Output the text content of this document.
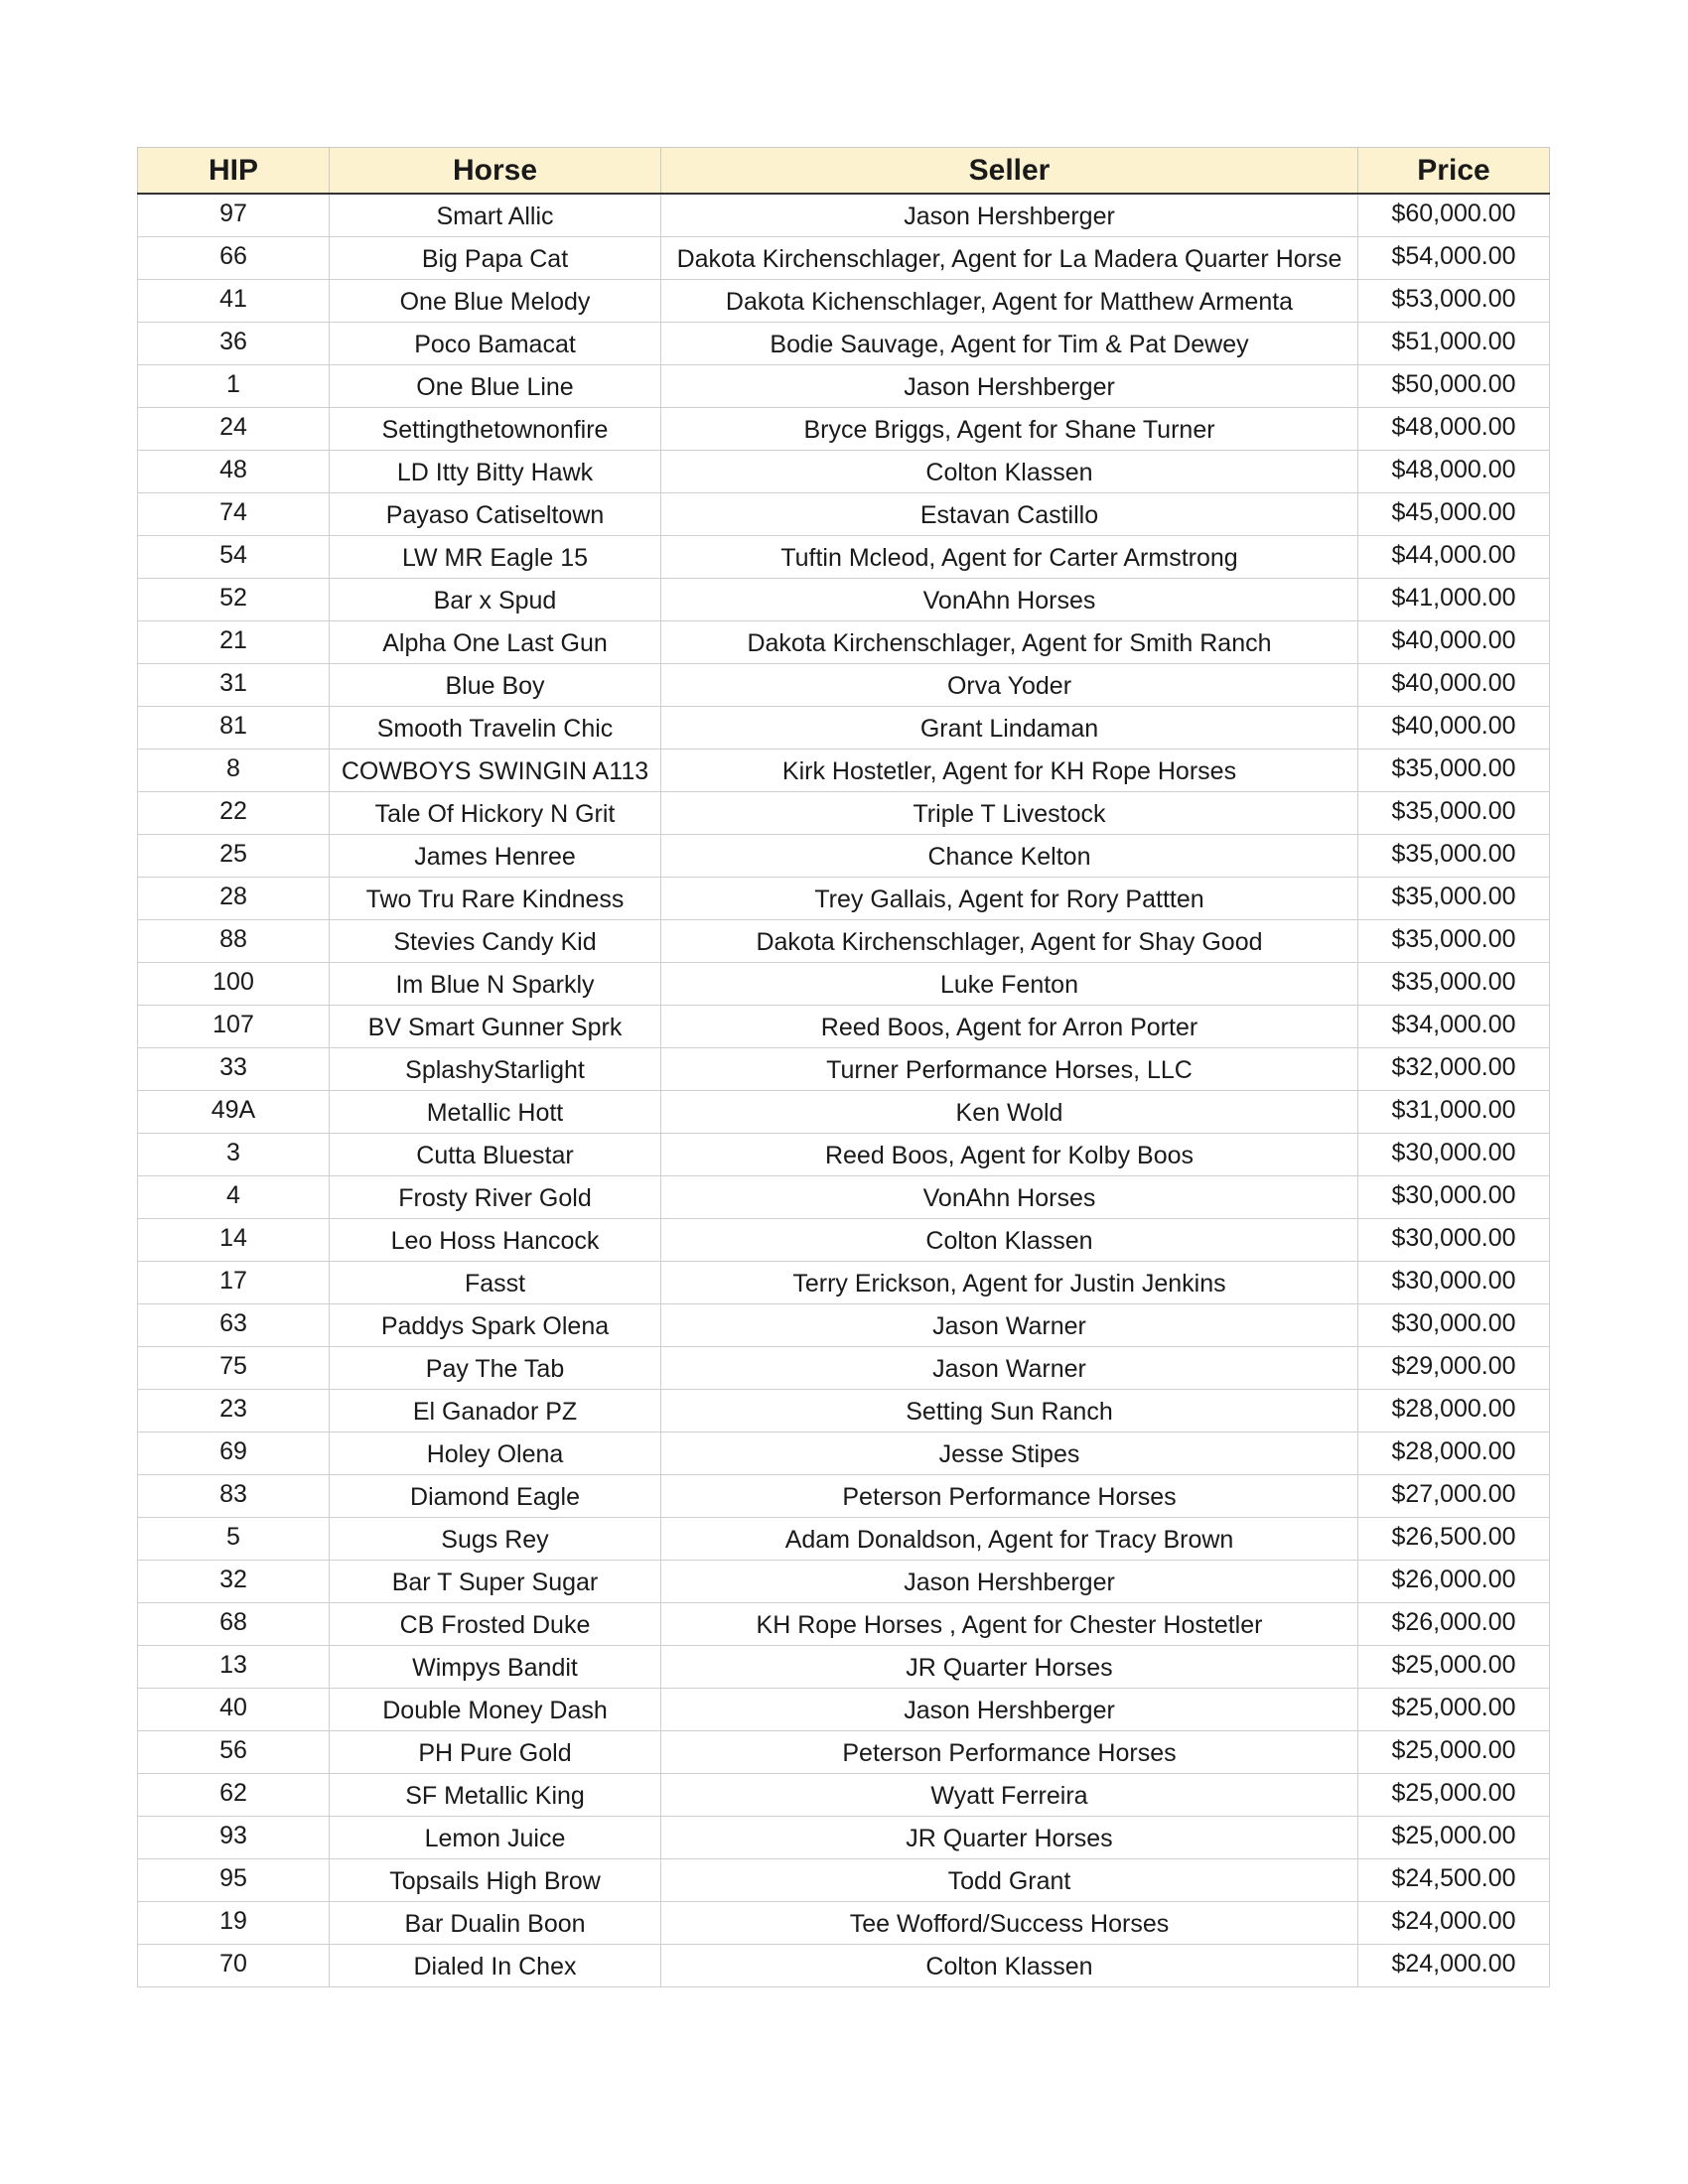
HIP	Horse	Seller	Price
97	Smart Allic	Jason Hershberger	$60,000.00
66	Big Papa Cat	Dakota Kirchenschlager, Agent for La Madera Quarter Horse	$54,000.00
41	One Blue Melody	Dakota Kichenschlager, Agent for Matthew Armenta	$53,000.00
36	Poco Bamacat	Bodie Sauvage, Agent for Tim & Pat Dewey	$51,000.00
1	One Blue Line	Jason Hershberger	$50,000.00
24	Settingthetownonfire	Bryce Briggs, Agent for Shane Turner	$48,000.00
48	LD Itty Bitty Hawk	Colton Klassen	$48,000.00
74	Payaso Catiseltown	Estavan Castillo	$45,000.00
54	LW MR Eagle 15	Tuftin Mcleod, Agent for Carter Armstrong	$44,000.00
52	Bar x Spud	VonAhn Horses	$41,000.00
21	Alpha One Last Gun	Dakota Kirchenschlager, Agent for Smith Ranch	$40,000.00
31	Blue Boy	Orva Yoder	$40,000.00
81	Smooth Travelin Chic	Grant Lindaman	$40,000.00
8	COWBOYS SWINGIN A113	Kirk Hostetler, Agent for KH Rope Horses	$35,000.00
22	Tale Of Hickory N Grit	Triple T Livestock	$35,000.00
25	James Henree	Chance Kelton	$35,000.00
28	Two Tru Rare Kindness	Trey Gallais, Agent for Rory Pattten	$35,000.00
88	Stevies Candy Kid	Dakota Kirchenschlager, Agent for Shay Good	$35,000.00
100	Im Blue N Sparkly	Luke Fenton	$35,000.00
107	BV Smart Gunner Sprk	Reed Boos, Agent for Arron Porter	$34,000.00
33	SplashyStarlight	Turner Performance Horses, LLC	$32,000.00
49A	Metallic Hott	Ken Wold	$31,000.00
3	Cutta Bluestar	Reed Boos, Agent for Kolby Boos	$30,000.00
4	Frosty River Gold	VonAhn Horses	$30,000.00
14	Leo Hoss Hancock	Colton Klassen	$30,000.00
17	Fasst	Terry Erickson, Agent for Justin Jenkins	$30,000.00
63	Paddys Spark Olena	Jason Warner	$30,000.00
75	Pay The Tab	Jason Warner	$29,000.00
23	El Ganador PZ	Setting Sun Ranch	$28,000.00
69	Holey Olena	Jesse Stipes	$28,000.00
83	Diamond Eagle	Peterson Performance Horses	$27,000.00
5	Sugs Rey	Adam Donaldson, Agent for Tracy Brown	$26,500.00
32	Bar T Super Sugar	Jason Hershberger	$26,000.00
68	CB Frosted Duke	KH Rope Horses , Agent for Chester Hostetler	$26,000.00
13	Wimpys Bandit	JR Quarter Horses	$25,000.00
40	Double Money Dash	Jason Hershberger	$25,000.00
56	PH Pure Gold	Peterson Performance Horses	$25,000.00
62	SF Metallic King	Wyatt Ferreira	$25,000.00
93	Lemon Juice	JR Quarter Horses	$25,000.00
95	Topsails High Brow	Todd Grant	$24,500.00
19	Bar Dualin Boon	Tee Wofford/Success Horses	$24,000.00
70	Dialed In Chex	Colton Klassen	$24,000.00
